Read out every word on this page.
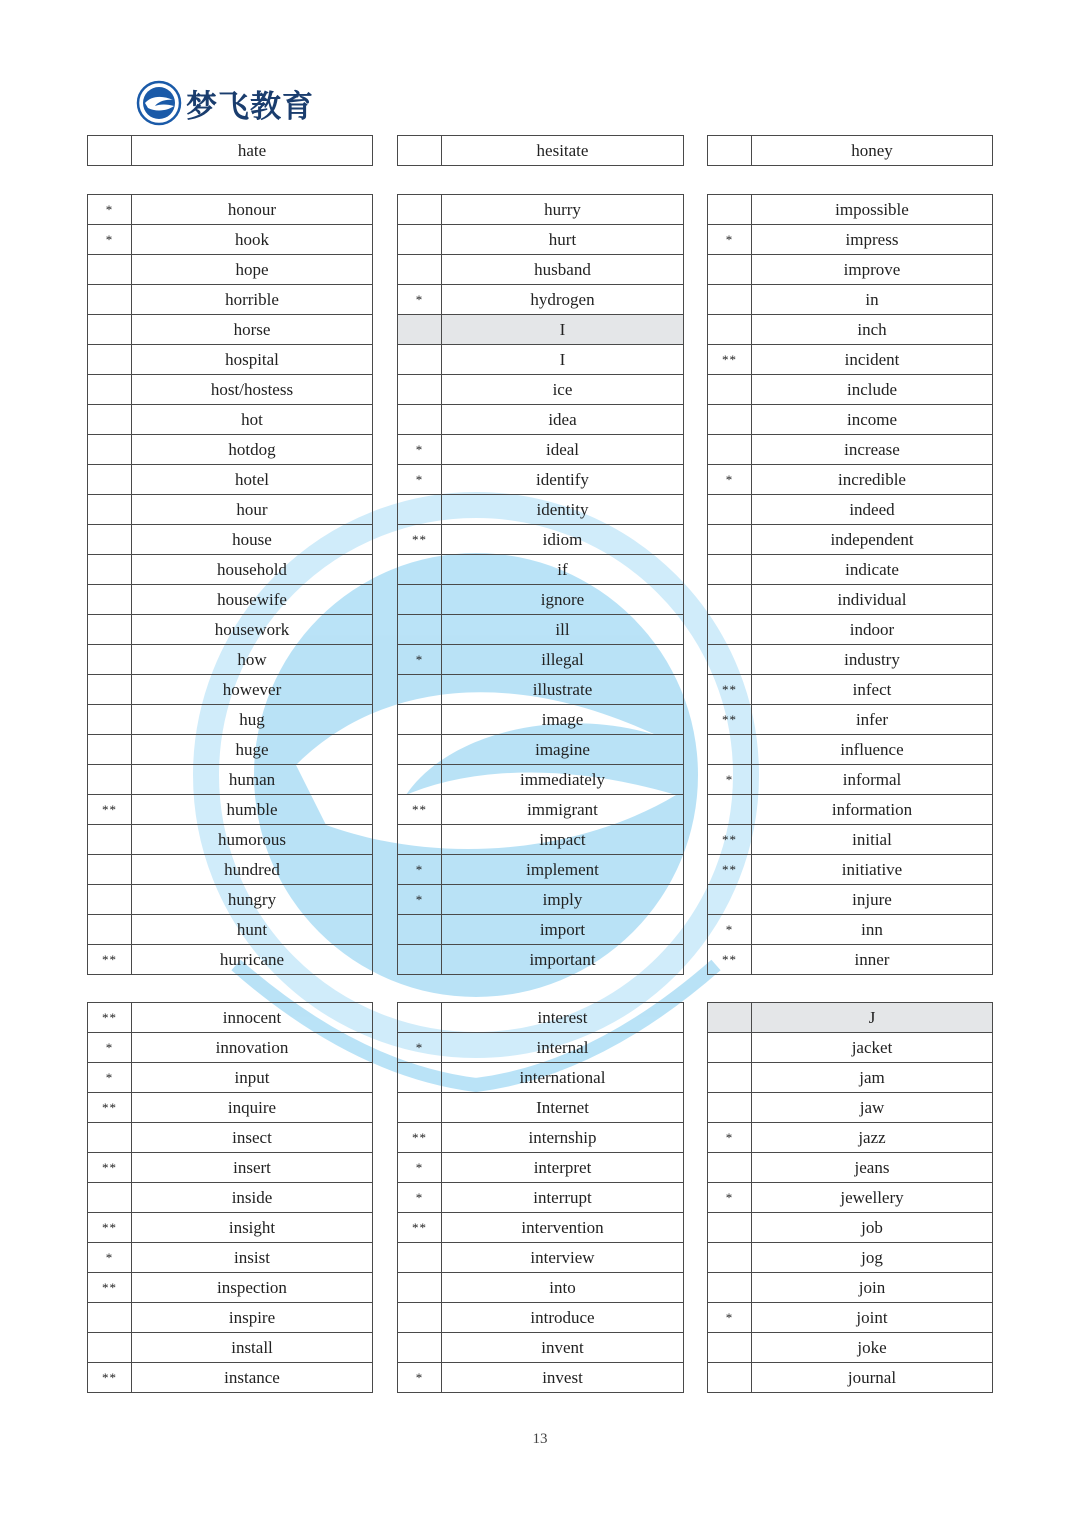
梦飞教育
	hate
		hesitate
		honey
*	honour
*	hook
	hope
	horrible
	horse
	hospital
	host/hostess
	hot
	hotdog
	hotel
	hour
	house
	household
	housewife
	housework
	how
	however
	hug
	huge
	human
**	humble
	humorous
	hundred
	hungry
	hunt
**	hurricane
	hurry
	hurt
	husband
*	hydrogen
	I
	I
	ice
	idea
*	ideal
*	identify
	identity
**	idiom
	if
	ignore
	ill
*	illegal
	illustrate
	image
	imagine
	immediately
**	immigrant
	impact
*	implement
*	imply
	import
	important
	impossible
*	impress
	improve
	in
	inch
**	incident
	include
	income
	increase
*	incredible
	indeed
	independent
	indicate
	individual
	indoor
	industry
**	infect
**	infer
	influence
*	informal
	information
**	initial
**	initiative
	injure
*	inn
**	inner
**	innocent
*	innovation
*	input
**	inquire
	insect
**	insert
	inside
**	insight
*	insist
**	inspection
	inspire
	install
**	instance
	interest
*	internal
	international
	Internet
**	internship
*	interpret
*	interrupt
**	intervention
	interview
	into
	introduce
	invent
*	invest
	J
	jacket
	jam
	jaw
*	jazz
	jeans
*	jewellery
	job
	jog
	join
*	joint
	joke
	journal
13
